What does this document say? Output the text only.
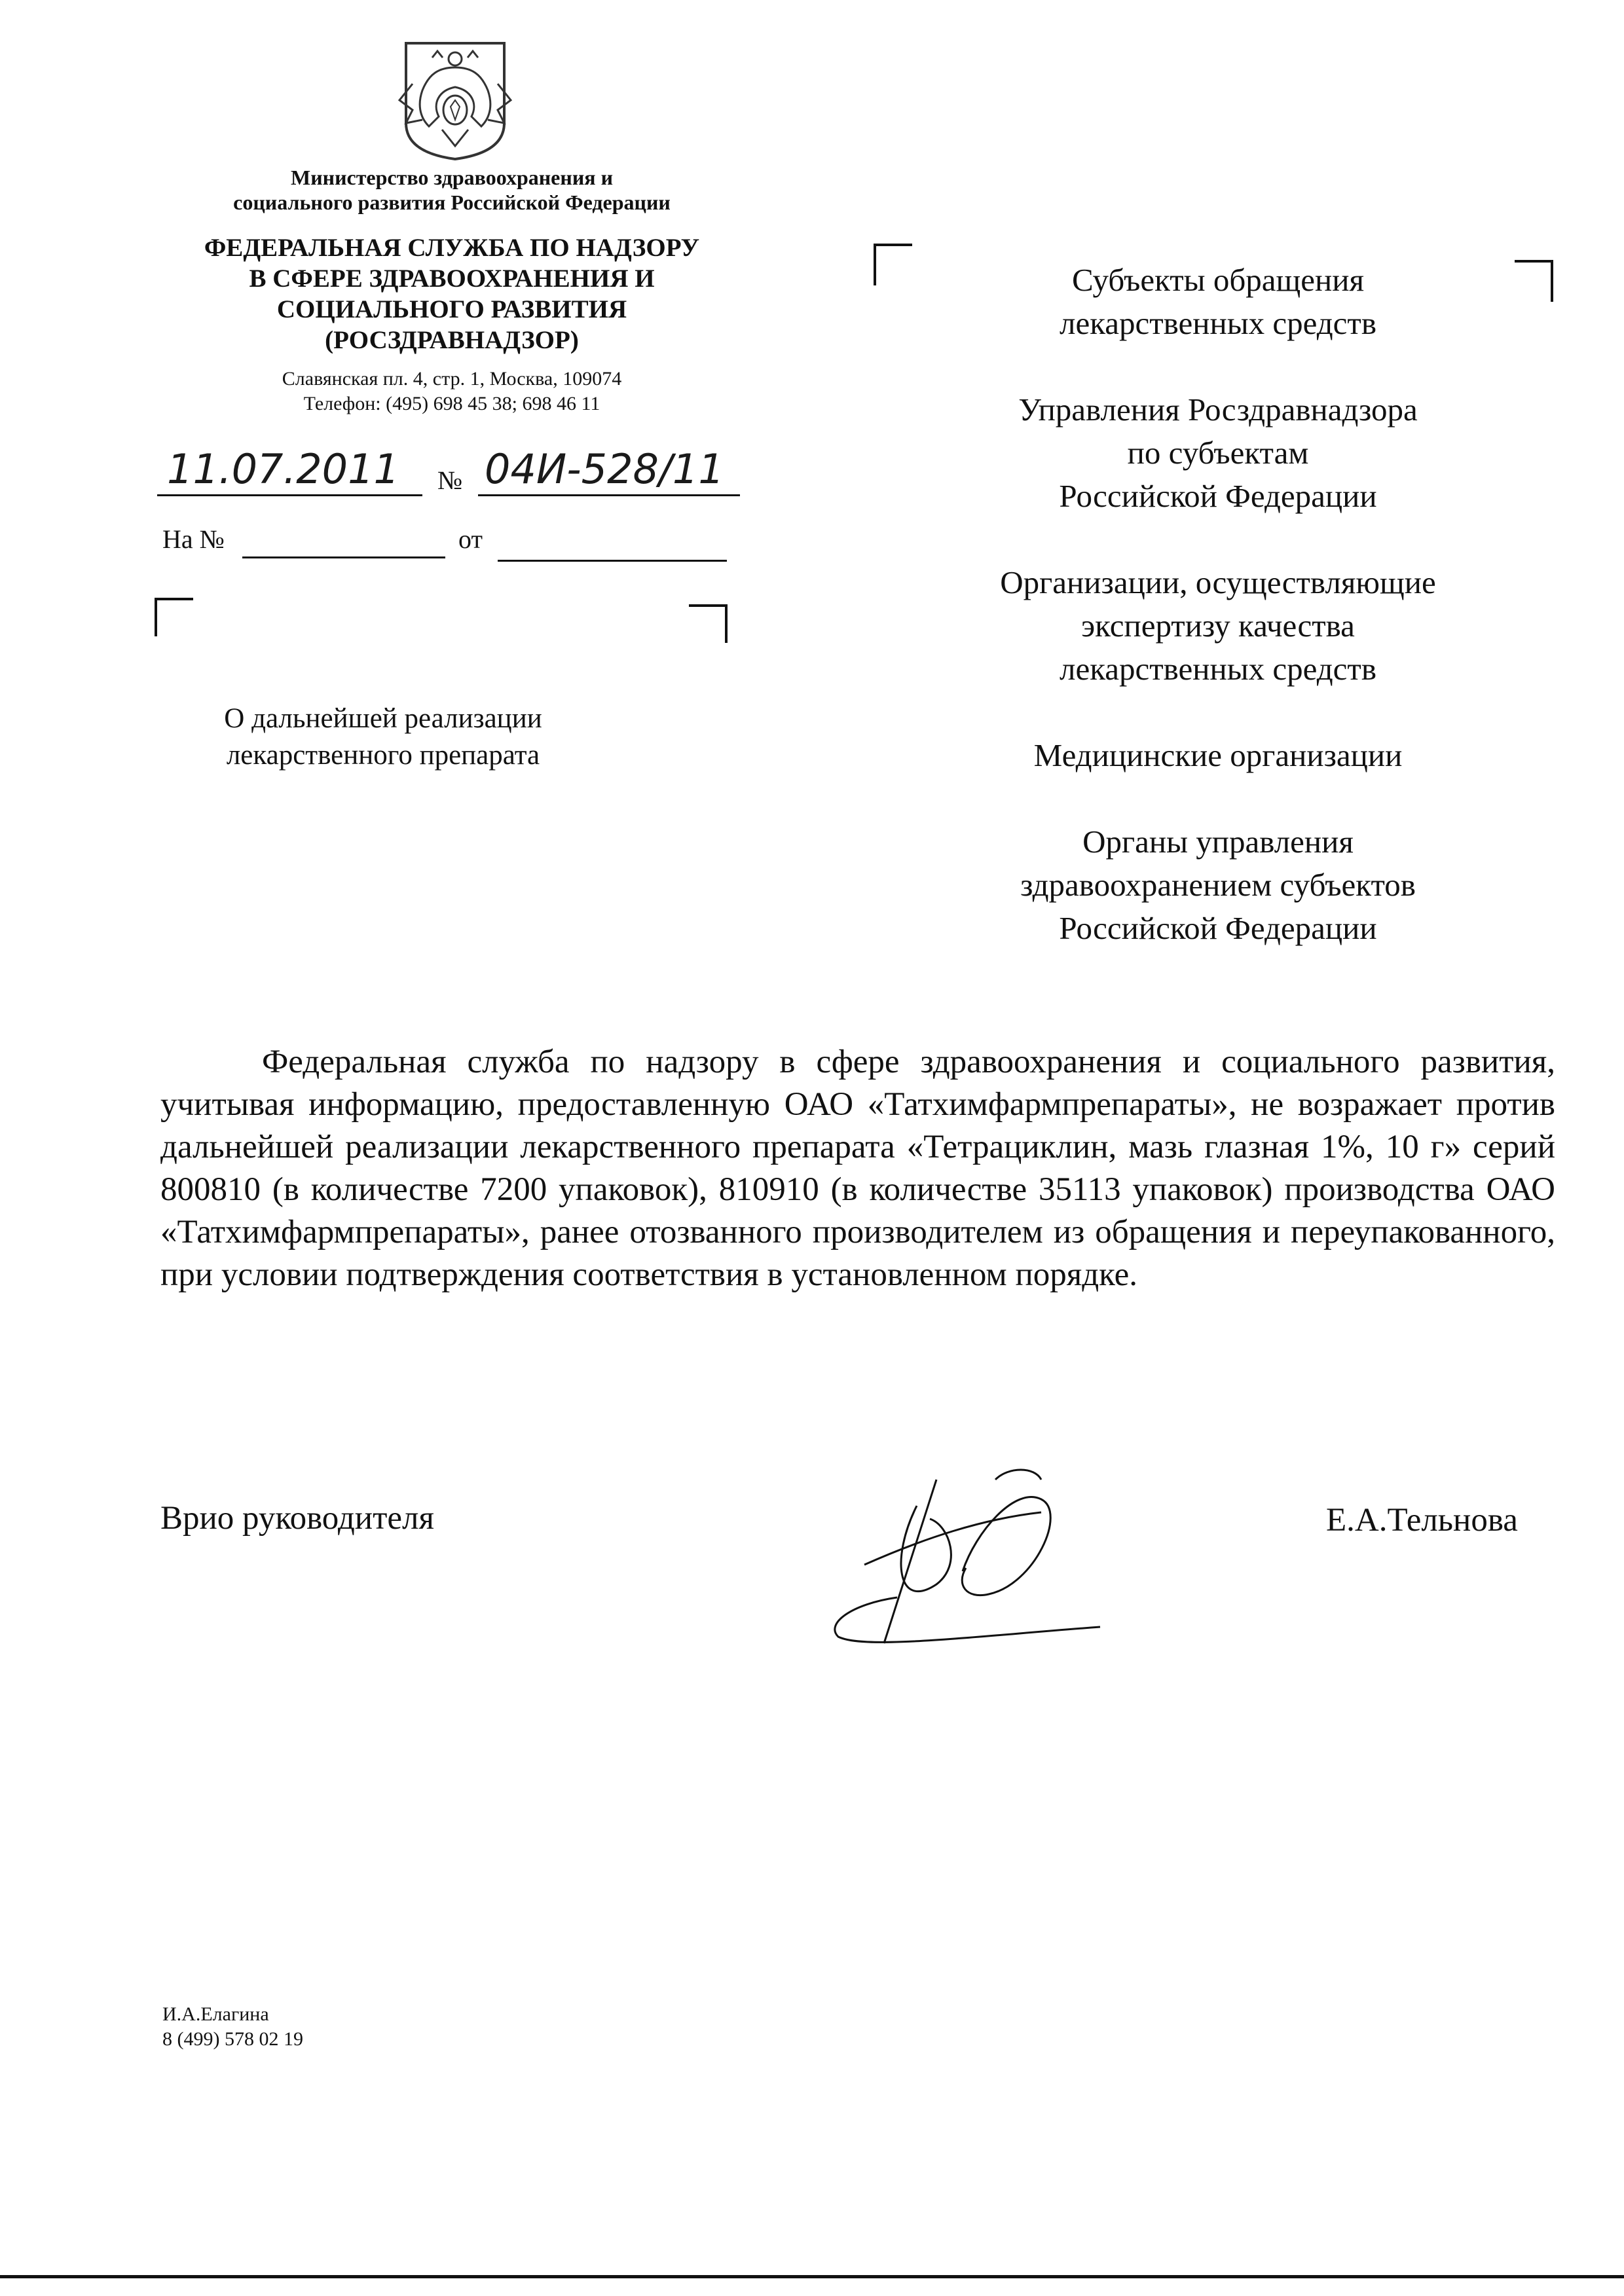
Министерство здравоохранения и
социального развития Российской Федерации
ФЕДЕРАЛЬНАЯ СЛУЖБА ПО НАДЗОРУ
В СФЕРЕ ЗДРАВООХРАНЕНИЯ И
СОЦИАЛЬНОГО РАЗВИТИЯ
(РОСЗДРАВНАДЗОР)
Славянская пл. 4, стр. 1, Москва, 109074
Телефон: (495) 698 45 38; 698 46 11
11.07.2011 № 04И-528/11
На №	от
О дальнейшей реализации
лекарственного препарата
Субъекты обращения
лекарственных средств
Управления Росздравнадзора
по субъектам
Российской Федерации
Организации, осуществляющие
экспертизу качества
лекарственных средств
Медицинские организации
Органы управления
здравоохранением субъектов
Российской Федерации
Федеральная служба по надзору в сфере здравоохранения и социального развития, учитывая информацию, предоставленную ОАО «Татхимфармпрепараты», не возражает против дальнейшей реализации лекарственного препарата «Тетрациклин, мазь глазная 1%, 10 г» серий 800810 (в количестве 7200 упаковок), 810910 (в количестве 35113 упаковок) производства ОАО «Татхимфармпрепараты», ранее отозванного производителем из обращения и переупакованного, при условии подтверждения соответствия в установленном порядке.
Врио руководителя	Е.А.Тельнова
И.А.Елагина
8 (499) 578 02 19
